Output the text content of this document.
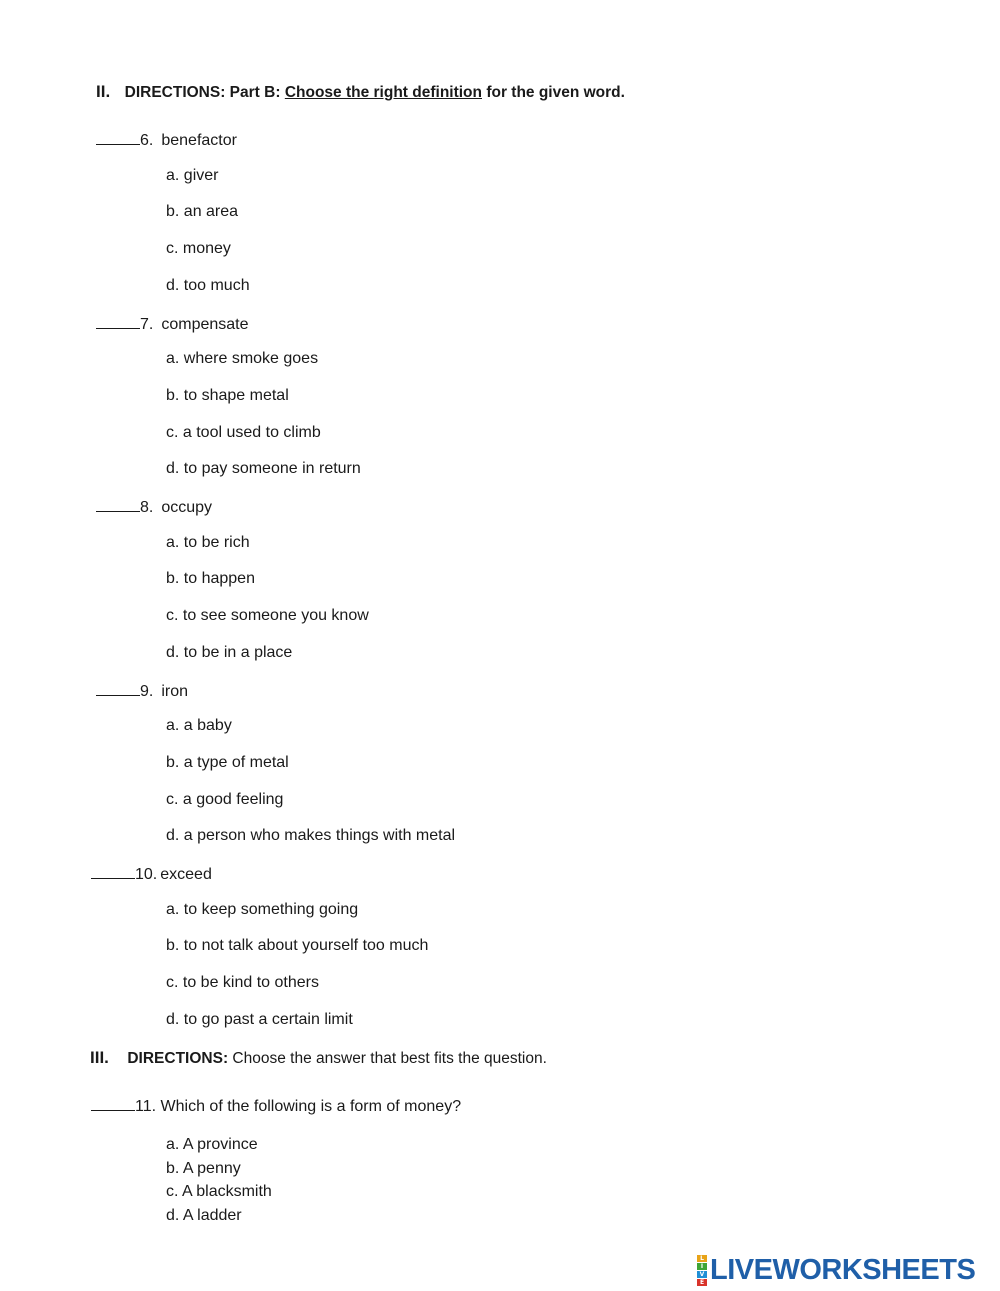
II. DIRECTIONS: Part B: Choose the right definition for the given word.
6. benefactor
a. giver
b. an area
c. money
d. too much
7. compensate
a. where smoke goes
b. to shape metal
c. a tool used to climb
d. to pay someone in return
8. occupy
a. to be rich
b. to happen
c. to see someone you know
d. to be in a place
9. iron
a. a baby
b. a type of metal
c. a good feeling
d. a person who makes things with metal
10. exceed
a. to keep something going
b. to not talk about yourself too much
c. to be kind to others
d. to go past a certain limit
III. DIRECTIONS: Choose the answer that best fits the question.
11. Which of the following is a form of money?
a. A province
b. A penny
c. A blacksmith
d. A ladder
L
I
V
E LIVEWORKSHEETS
